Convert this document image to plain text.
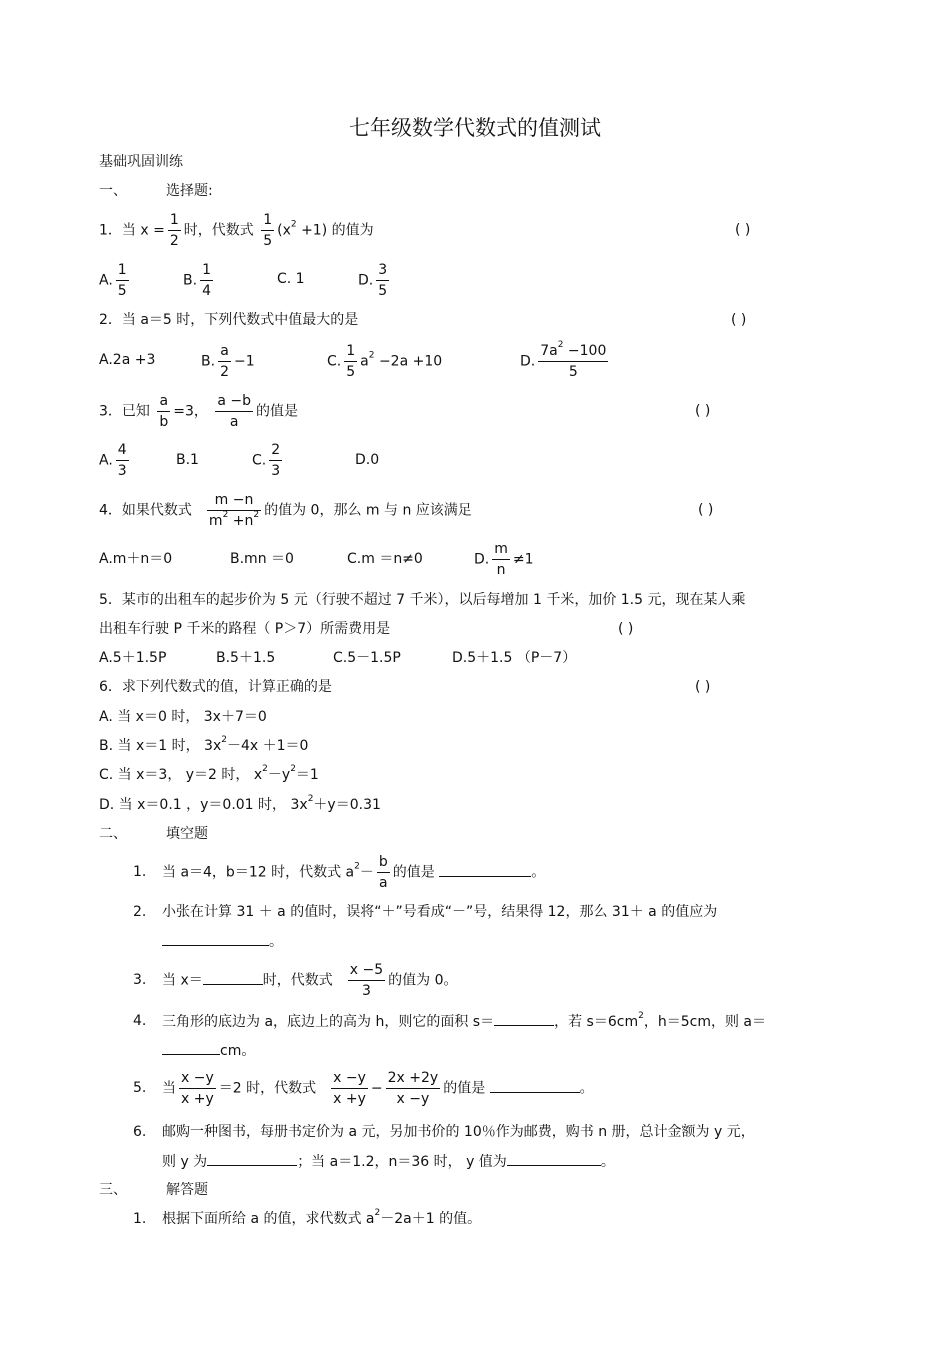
七年级数学代数式的值测试
基础巩固训练
一、	选择题:
1．当 $x = \frac{1}{2}$ 时，代数式 $\frac{1}{5} (x^2 +1)$ 的值为	( )
A. $\frac{1}{5}$	B. $\frac{1}{4}$	C. 1	D. $\frac{3}{5}$
2．当 a＝5 时，下列代数式中值最大的是	( )
A.2a +3	B. $\frac{a}{2} -1$	C. $\frac{1}{5} a^2 -2a +10$	D. $\frac{7a^2 -100}{5}$
3．已知 $\frac{a}{b} =3$， $\frac{a -b}{a}$ 的值是	( )
A. $\frac{4}{3}$	B.1	C. $\frac{2}{3}$	D.0
4．如果代数式 $\frac{m -n}{m^2 +n^2}$ 的值为 0，那么 m 与 n 应该满足	( )
A.m＋n＝0	B.mn ＝0	C.m ＝n≠0	D. $\frac{m}{n} \ne 1$
5．某市的出租车的起步价为 5 元（行驶不超过 7 千米），以后每增加 1 千米，加价 1.5 元，现在某人乘
出租车行驶 P 千米的路程（ P＞7）所需费用是	( )
A.5＋1.5P	B.5＋1.5	C.5－1.5P	D.5＋1.5 （P－7）
6．求下列代数式的值，计算正确的是	( )
A. 当 x＝0 时， 3x＋7＝0
B. 当 x＝1 时， $3x^2-4x +1=0$
C. 当 x＝3， y＝2 时， $x^2-y^2=1$
D. 当 x＝0.1 ，y＝0.01 时， $3x^2+y=0.31$
二、	填空题
1. 当 a＝4，b＝12 时，代数式 $a^2- \frac{b}{a}$ 的值是	。
2. 小张在计算 31 ＋ a 的值时，误将“＋”号看成“－”号，结果得 12，那么 31＋ a 的值应为
。
3. 当 x＝	时，代数式 $\frac{x -5}{3}$ 的值为 0。
4. 三角形的底边为 a，底边上的高为 h，则它的面积 s＝	，若 $s=6cm^2$，h＝5cm，则 a＝
cm。
5. 当 $\frac{x -y}{x +y} =2$ 时，代数式 $\frac{x -y}{x +y} - \frac{2x +2y}{x -y}$ 的值是	。
6. 邮购一种图书，每册书定价为 a 元，另加书价的 10％作为邮费，购书 n 册，总计金额为 y 元，
则 y 为	；当 a＝1.2，n＝36 时， y 值为	。
三、	解答题
1. 根据下面所给 a 的值，求代数式 $a^2-2a+1$ 的值。
